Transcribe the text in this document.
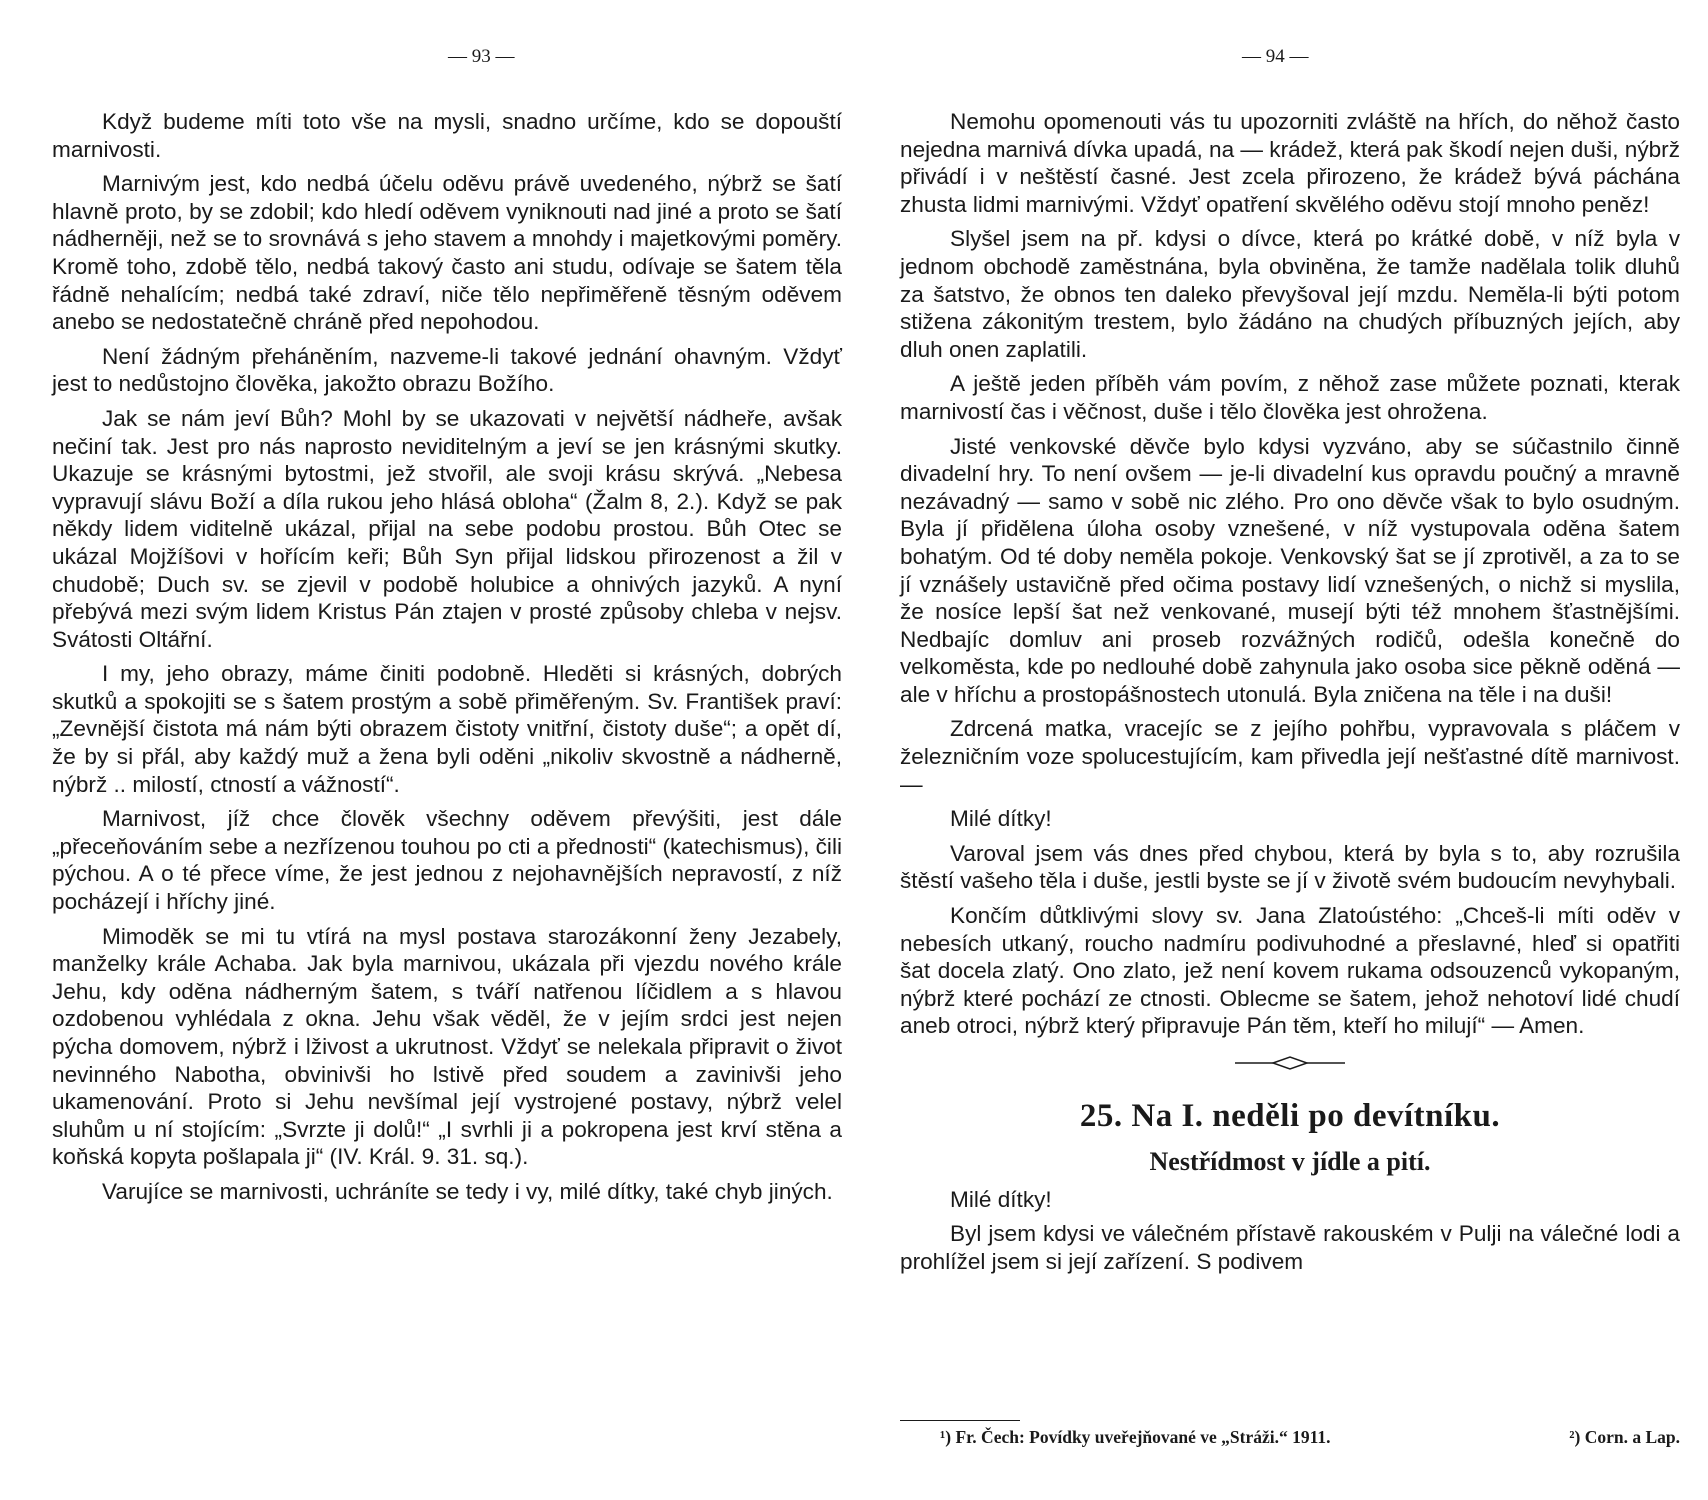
— 93 —

Když budeme míti toto vše na mysli, snadno určíme, kdo se dopouští marnivosti.

Marnivým jest, kdo nedbá účelu oděvu právě uvedeného, nýbrž se šatí hlavně proto, by se zdobil; kdo hledí oděvem vyniknouti nad jiné a proto se šatí nádherněji, než se to srovnává s jeho stavem a mnohdy i majetkovými poměry. Kromě toho, zdobě tělo, nedbá takový často ani studu, odívaje se šatem těla řádně nehalícím; nedbá také zdraví, niče tělo nepřiměřeně těsným oděvem anebo se nedostatečně chráně před nepohodou.

Není žádným přeháněním, nazveme-li takové jednání ohavným. Vždyť jest to nedůstojno člověka, jakožto obrazu Božího.

Jak se nám jeví Bůh? Mohl by se ukazovati v největší nádheře, avšak nečiní tak. Jest pro nás naprosto neviditelným a jeví se jen krásnými skutky. Ukazuje se krásnými bytostmi, jež stvořil, ale svoji krásu skrývá. „Nebesa vypravují slávu Boží a díla rukou jeho hlásá obloha“ (Žalm 8, 2.). Když se pak někdy lidem viditelně ukázal, přijal na sebe podobu prostou. Bůh Otec se ukázal Mojžíšovi v hořícím keři; Bůh Syn přijal lidskou přirozenost a žil v chudobě; Duch sv. se zjevil v podobě holubice a ohnivých jazyků. A nyní přebývá mezi svým lidem Kristus Pán ztajen v prosté způsoby chleba v nejsv. Svátosti Oltářní.

I my, jeho obrazy, máme činiti podobně. Hleděti si krásných, dobrých skutků a spokojiti se s šatem prostým a sobě přiměřeným. Sv. František praví: „Zevnější čistota má nám býti obrazem čistoty vnitřní, čistoty duše“; a opět dí, že by si přál, aby každý muž a žena byli oděni „nikoliv skvostně a nádherně, nýbrž .. milostí, ctností a vážností“.

Marnivost, jíž chce člověk všechny oděvem převýšiti, jest dále „přeceňováním sebe a nezřízenou touhou po cti a přednosti“ (katechismus), čili pýchou. A o té přece víme, že jest jednou z nejohavnějších nepravostí, z níž pocházejí i hříchy jiné.

Mimoděk se mi tu vtírá na mysl postava starozákonní ženy Jezabely, manželky krále Achaba. Jak byla marnivou, ukázala při vjezdu nového krále Jehu, kdy oděna nádherným šatem, s tváří natřenou líčidlem a s hlavou ozdobenou vyhlédala z okna. Jehu však věděl, že v jejím srdci jest nejen pýcha domovem, nýbrž i lživost a ukrutnost. Vždyť se nelekala připravit o život nevinného Nabotha, obvinivši ho lstivě před soudem a zavinivši jeho ukamenování. Proto si Jehu nevšímal její vystrojené postavy, nýbrž velel sluhům u ní stojícím: „Svrzte ji dolů!“ „I svrhli ji a pokropena jest krví stěna a koňská kopyta pošlapala ji“ (IV. Král. 9. 31. sq.).

Varujíce se marnivosti, uchráníte se tedy i vy, milé dítky, také chyb jiných.

— 94 —

Nemohu opomenouti vás tu upozorniti zvláště na hřích, do něhož často nejedna marnivá dívka upadá, na — krádež, která pak škodí nejen duši, nýbrž přivádí i v neštěstí časné. Jest zcela přirozeno, že krádež bývá páchána zhusta lidmi marnivými. Vždyť opatření skvělého oděvu stojí mnoho peněz!

Slyšel jsem na př. kdysi o dívce, která po krátké době, v níž byla v jednom obchodě zaměstnána, byla obviněna, že tamže nadělala tolik dluhů za šatstvo, že obnos ten daleko převyšoval její mzdu. Neměla-li býti potom stižena zákonitým trestem, bylo žádáno na chudých příbuzných jejích, aby dluh onen zaplatili.

A ještě jeden příběh vám povím, z něhož zase můžete poznati, kterak marnivostí čas i věčnost, duše i tělo člověka jest ohrožena.

Jisté venkovské děvče bylo kdysi vyzváno, aby se súčastnilo činně divadelní hry. To není ovšem — je-li divadelní kus opravdu poučný a mravně nezávadný — samo v sobě nic zlého. Pro ono děvče však to bylo osudným. Byla jí přidělena úloha osoby vznešené, v níž vystupovala oděna šatem bohatým. Od té doby neměla pokoje. Venkovský šat se jí zprotivěl, a za to se jí vznášely ustavičně před očima postavy lidí vznešených, o nichž si myslila, že nosíce lepší šat než venkované, musejí býti též mnohem šťastnějšími. Nedbajíc domluv ani proseb rozvážných rodičů, odešla konečně do velkoměsta, kde po nedlouhé době zahynula jako osoba sice pěkně oděná — ale v hříchu a prostopášnostech utonulá. Byla zničena na těle i na duši!

Zdrcená matka, vracejíc se z jejího pohřbu, vypravovala s pláčem v železničním voze spolucestujícím, kam přivedla její nešťastné dítě marnivost. —

Milé dítky!

Varoval jsem vás dnes před chybou, která by byla s to, aby rozrušila štěstí vašeho těla i duše, jestli byste se jí v životě svém budoucím nevyhybali.

Končím důtklivými slovy sv. Jana Zlatoústého: „Chceš-li míti oděv v nebesích utkaný, roucho nadmíru podivuhodné a přeslavné, hleď si opatřiti šat docela zlatý. Ono zlato, jež není kovem rukama odsouzenců vykopaným, nýbrž které pochází ze ctnosti. Oblecme se šatem, jehož nehotoví lidé chudí aneb otroci, nýbrž který připravuje Pán těm, kteří ho milují“ — Amen.

25. Na I. neděli po devítníku.
Nestřídmost v jídle a pití.

Milé dítky!

Byl jsem kdysi ve válečném přístavě rakouském v Pulji na válečné lodi a prohlížel jsem si její zařízení. S podivem

¹) Fr. Čech: Povídky uveřejňované ve „Stráži.“ 1911.	²) Corn. a Lap.
